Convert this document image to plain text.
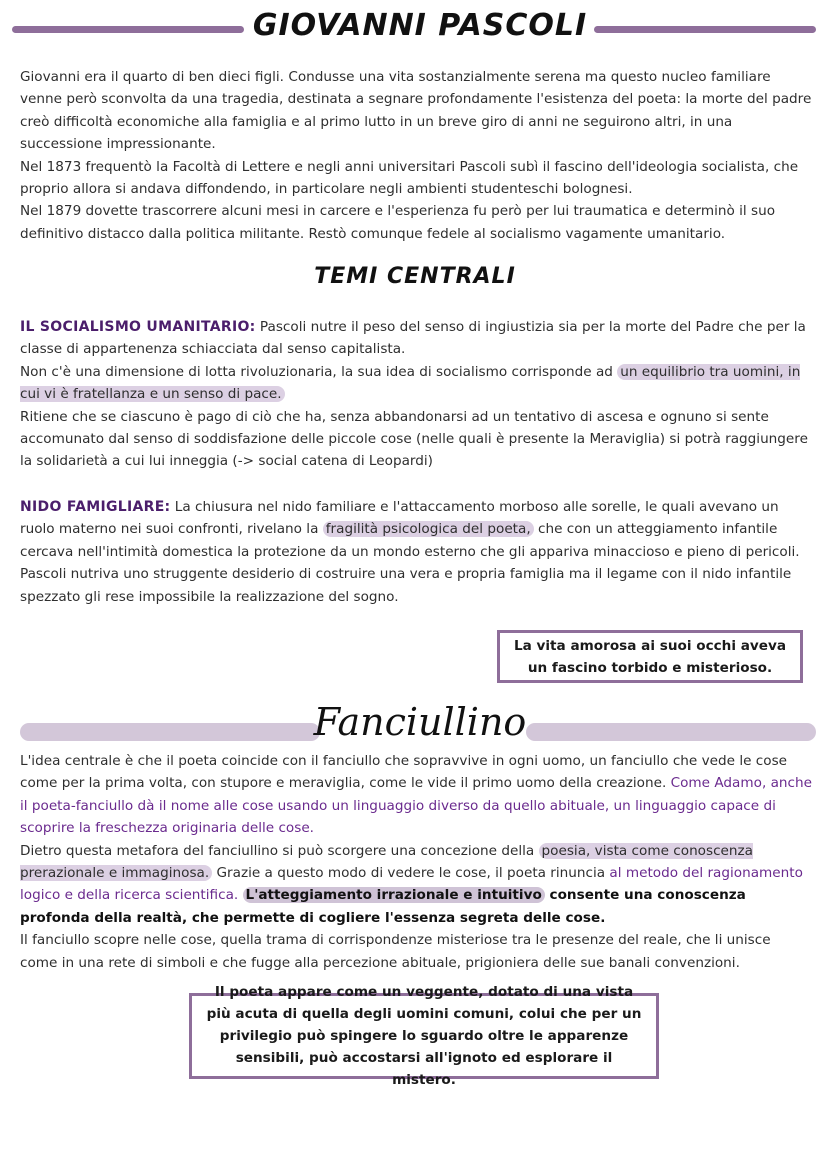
GIOVANNI PASCOLI
Giovanni era il quarto di ben dieci figli. Condusse una vita sostanzialmente serena ma questo nucleo familiare venne però sconvolta da una tragedia, destinata a segnare profondamente l'esistenza del poeta: la morte del padre creò difficoltà economiche alla famiglia e al primo lutto in un breve giro di anni ne seguirono altri, in una successione impressionante.
Nel 1873 frequentò la Facoltà di Lettere e negli anni universitari Pascoli subì il fascino dell'ideologia socialista, che proprio allora si andava diffondendo, in particolare negli ambienti studenteschi bolognesi.
Nel 1879 dovette trascorrere alcuni mesi in carcere e l'esperienza fu però per lui traumatica e determinò il suo definitivo distacco dalla politica militante. Restò comunque fedele al socialismo vagamente umanitario.
TEMI CENTRALI
IL SOCIALISMO UMANITARIO: Pascoli nutre il peso del senso di ingiustizia sia per la morte del Padre che per la classe di appartenenza schiacciata dal senso capitalista.
Non c'è una dimensione di lotta rivoluzionaria, la sua idea di socialismo corrisponde ad un equilibrio tra uomini, in cui vi è fratellanza e un senso di pace.
Ritiene che se ciascuno è pago di ciò che ha, senza abbandonarsi ad un tentativo di ascesa e ognuno si sente accomunato dal senso di soddisfazione delle piccole cose (nelle quali è presente la Meraviglia) si potrà raggiungere la solidarietà a cui lui inneggia (-> social catena di Leopardi)
NIDO FAMIGLIARE: La chiusura nel nido familiare e l'attaccamento morboso alle sorelle, le quali avevano un ruolo materno nei suoi confronti, rivelano la fragilità psicologica del poeta, che con un atteggiamento infantile cercava nell'intimità domestica la protezione da un mondo esterno che gli appariva minaccioso e pieno di pericoli.
Pascoli nutriva uno struggente desiderio di costruire una vera e propria famiglia ma il legame con il nido infantile spezzato gli rese impossibile la realizzazione del sogno.
La vita amorosa ai suoi occhi aveva un fascino torbido e misterioso.
Fanciullino
L'idea centrale è che il poeta coincide con il fanciullo che sopravvive in ogni uomo, un fanciullo che vede le cose come per la prima volta, con stupore e meraviglia, come le vide il primo uomo della creazione. Come Adamo, anche il poeta-fanciullo dà il nome alle cose usando un linguaggio diverso da quello abituale, un linguaggio capace di scoprire la freschezza originaria delle cose.
Dietro questa metafora del fanciullino si può scorgere una concezione della poesia, vista come conoscenza prerazionale e immaginosa. Grazie a questo modo di vedere le cose, il poeta rinuncia al metodo del ragionamento logico e della ricerca scientifica. L'atteggiamento irrazionale e intuitivo consente una conoscenza profonda della realtà, che permette di cogliere l'essenza segreta delle cose.
Il fanciullo scopre nelle cose, quella trama di corrispondenze misteriose tra le presenze del reale, che li unisce come in una rete di simboli e che fugge alla percezione abituale, prigioniera delle sue banali convenzioni.
Il poeta appare come un veggente, dotato di una vista più acuta di quella degli uomini comuni, colui che per un privilegio può spingere lo sguardo oltre le apparenze sensibili, può accostarsi all'ignoto ed esplorare il mistero.
